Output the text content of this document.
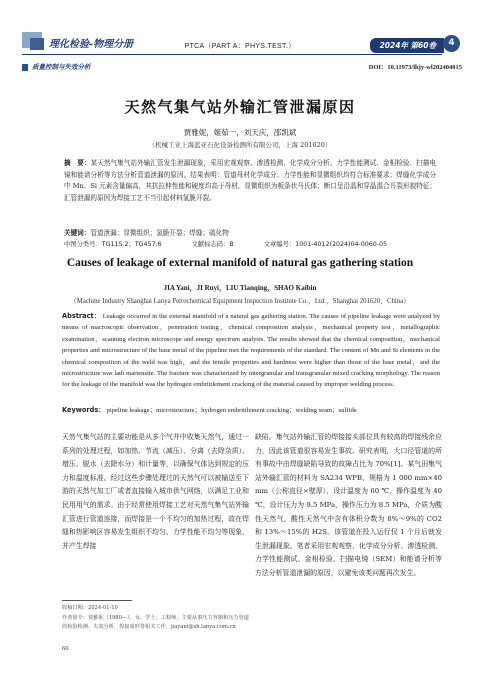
理化检验-物理分册	PTCA（PART A：PHYS.TEST.）	2024年 第60卷	4
质量控制与失效分析	DOI：10.11973/lhjy-wl202404015
天然气集气站外输汇管泄漏原因
贾雅妮，姬茹一，刘天庆，邵凯斌
（机械工业上海蓝亚石化设备检测所有限公司，上海 201620）
摘　要：某天然气集气站外输汇管发生泄漏现象，采用宏观观察、渗透检测、化学成分分析、力学性能测试、金相检验、扫描电镜和能谱分析等方法分析管道泄漏的原因。结果表明：管道母材化学成分、力学性能和显微组织均符合标准要求；焊缝化学成分中 Mn、Si 元素含量偏高，其抗拉伸性能和硬度均高于母材，显微组织为板条状马氏体；断口呈沿晶和穿晶混合开裂形貌特征；汇管泄漏的原因为焊接工艺不当引起材料氢脆开裂。
关键词：管道泄漏；显微组织；氢脆开裂；焊缝；硫化物
中图分类号：TG115.2；TG457.6	文献标志码：B	文章编号：1001-4012(2024)04-0060-05
Causes of leakage of external manifold of natural gas gathering station
JIA Yani，JI Ruyi，LIU Tianqing，SHAO Kaibin
（Machine Industry Shanghai Lanya Petrochemical Equipment Inspection Institute Co.，Ltd.，Shanghai 201620，China）
Abstract： Leakage occurred in the external manifold of a natural gas gathering station. The causes of pipeline leakage were analyzed by means of macroscopic observation，penetration testing，chemical composition analysis，mechanical property test，metallographic examination，scanning electron microscope and energy spectrum analysis. The results showed that the chemical composition，mechanical properties and microstructure of the base metal of the pipeline met the requirements of the standard. The content of Mn and Si elements in the chemical composition of the weld was high，and the tensile properties and hardness were higher than those of the base metal，and the microstructure was lath martensite. The fracture was characterized by intergranular and transgranular mixed cracking morphology. The reason for the leakage of the manifold was the hydrogen embrittlement cracking of the material caused by improper welding process.
Keywords： pipeline leakage；microstructure；hydrogen embrittlement cracking；welding seam；sulfide
天然气集气站的主要功能是从多个气井中收集天然气，通过一系列的处理过程，如加热、节流（减压）、分离（去除杂质）、增压、脱水（去除水分）和计量等，以确保气体达到规定的压力和温度标准。经过这些步骤处理过的天然气可以被输送至下游的天然气加工厂或者直接输入城市供气网络，以满足工业和民用用气的需求。由于经常使用焊接工艺对天然气集气站外输汇管进行管道连接，而焊接是一个不均匀的加热过程，故在焊缝和热影响区容易发生组织不均匀、力学性能不均匀等现象，并产生焊接
缺陷。集气站外输汇管的焊接接头部位具有较高的焊接残余应力，因此该管道很容易发生事故。研究表明，大口径管道的所有事故中由焊缝缺陷导致的故障占比为 70%[1]。某气田集气站外输汇管的材料为 SA234 WPB，规格为 1 000 mm×40 mm（公称直径×壁厚），设计温度为 60 ℃，操作温度为 40 ℃，设计压力为 9.5 MPa，操作压力为 8.5 MPa，介质为酸性天然气，酸性天然气中含有体积分数为 8%～9%的 CO2 和 13%～15%的 H2S。该管道在投入运行仅 1 个月后就发生泄漏现象。笔者采用宏观观察、化学成分分析、渗透检测、力学性能测试、金相检验、扫描电镜（SEM）和能谱分析等方法分析管道泄漏的原因，以避免该类问题再次发生。
收稿日期：2024-01-10
作者简介：贾雅妮（1980—），女，学士，工程师，主要从事压力容器和压力管道的检验检测、失效分析、焊接成形等相关工作，jiayani@sh.lanya.com.cn
60
